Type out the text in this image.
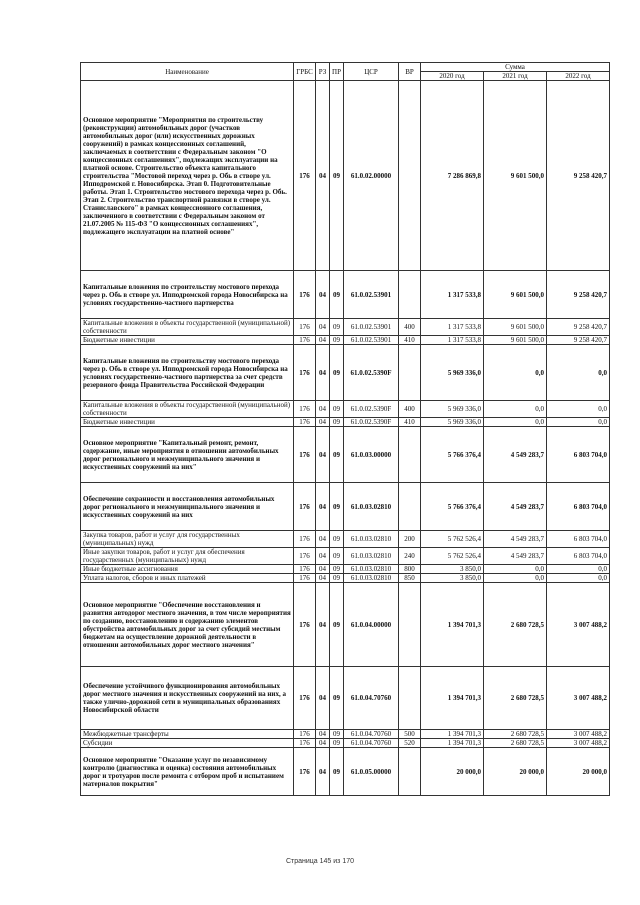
Наименование	ГРБС	РЗ	ПР	ЦСР	ВР	Сумма		
						2020 год	2021 год	2022 год
Основное мероприятие "Мероприятия по строительству (реконструкции) автомобильных дорог (участков автомобильных дорог (или) искусственных дорожных сооружений) в рамках концессионных соглашений, заключаемых в соответствии с Федеральным законом "О концессионных соглашениях", подлежащих эксплуатации на платной основе. Строительство объекта капитального строительства "Мостовой переход через р. Обь в створе ул. Ипподромской г. Новосибирска. Этап 0. Подготовительные работы. Этап 1. Строительство мостового перехода через р. Обь. Этап 2. Строительство транспортной развязки в створе ул. Станиславского" в рамках концессионного соглашения, заключенного в соответствии с Федеральным законом от 21.07.2005 № 115-ФЗ "О концессионных соглашениях", подлежащего эксплуатации на платной основе"	176	04	09	61.0.02.00000		7 286 869,8	9 601 500,0	9 258 420,7
Капитальные вложения по строительству мостового перехода через р. Обь в створе ул. Ипподромской города Новосибирска на условиях государственно-частного партнерства	176	04	09	61.0.02.53901		1 317 533,8	9 601 500,0	9 258 420,7
Капитальные вложения в объекты государственной (муниципальной) собственности	176	04	09	61.0.02.53901	400	1 317 533,8	9 601 500,0	9 258 420,7
Бюджетные инвестиции	176	04	09	61.0.02.53901	410	1 317 533,8	9 601 500,0	9 258 420,7
Капитальные вложения по строительству мостового перехода через р. Обь в створе ул. Ипподромской города Новосибирска на условиях государственно-частного партнерства за счет средств резервного фонда Правительства Российской Федерации	176	04	09	61.0.02.5390F		5 969 336,0	0,0	0,0
Капитальные вложения в объекты государственной (муниципальной) собственности	176	04	09	61.0.02.5390F	400	5 969 336,0	0,0	0,0
Бюджетные инвестиции	176	04	09	61.0.02.5390F	410	5 969 336,0	0,0	0,0
Основное мероприятие "Капитальный ремонт, ремонт, содержание, иные мероприятия в отношении автомобильных дорог регионального и межмуниципального значения и искусственных сооружений на них"	176	04	09	61.0.03.00000		5 766 376,4	4 549 283,7	6 803 704,0
Обеспечение сохранности и восстановления автомобильных дорог регионального и межмуниципального значения и искусственных сооружений на них	176	04	09	61.0.03.02810		5 766 376,4	4 549 283,7	6 803 704,0
Закупка товаров, работ и услуг для государственных (муниципальных) нужд	176	04	09	61.0.03.02810	200	5 762 526,4	4 549 283,7	6 803 704,0
Иные закупки товаров, работ и услуг для обеспечения государственных (муниципальных) нужд	176	04	09	61.0.03.02810	240	5 762 526,4	4 549 283,7	6 803 704,0
Иные бюджетные ассигнования	176	04	09	61.0.03.02810	800	3 850,0	0,0	0,0
Уплата налогов, сборов и иных платежей	176	04	09	61.0.03.02810	850	3 850,0	0,0	0,0
Основное мероприятие "Обеспечение восстановления и развития автодорог местного значения, в том числе мероприятия по созданию, восстановлению и содержанию элементов обустройства автомобильных дорог за счет субсидий местным бюджетам на осуществление дорожной деятельности в отношении автомобильных дорог местного значения"	176	04	09	61.0.04.00000		1 394 701,3	2 680 728,5	3 007 488,2
Обеспечение устойчивого функционирования автомобильных дорог местного значения и искусственных сооружений на них, а также улично-дорожной сети в муниципальных образованиях Новосибирской области	176	04	09	61.0.04.70760		1 394 701,3	2 680 728,5	3 007 488,2
Межбюджетные трансферты	176	04	09	61.0.04.70760	500	1 394 701,3	2 680 728,5	3 007 488,2
Субсидии	176	04	09	61.0.04.70760	520	1 394 701,3	2 680 728,5	3 007 488,2
Основное мероприятие "Оказание услуг по независимому контролю (диагностика и оценка) состояния автомобильных дорог и тротуаров после ремонта с отбором проб и испытанием материалов покрытия"	176	04	09	61.0.05.00000		20 000,0	20 000,0	20 000,0
Страница 145 из 170
